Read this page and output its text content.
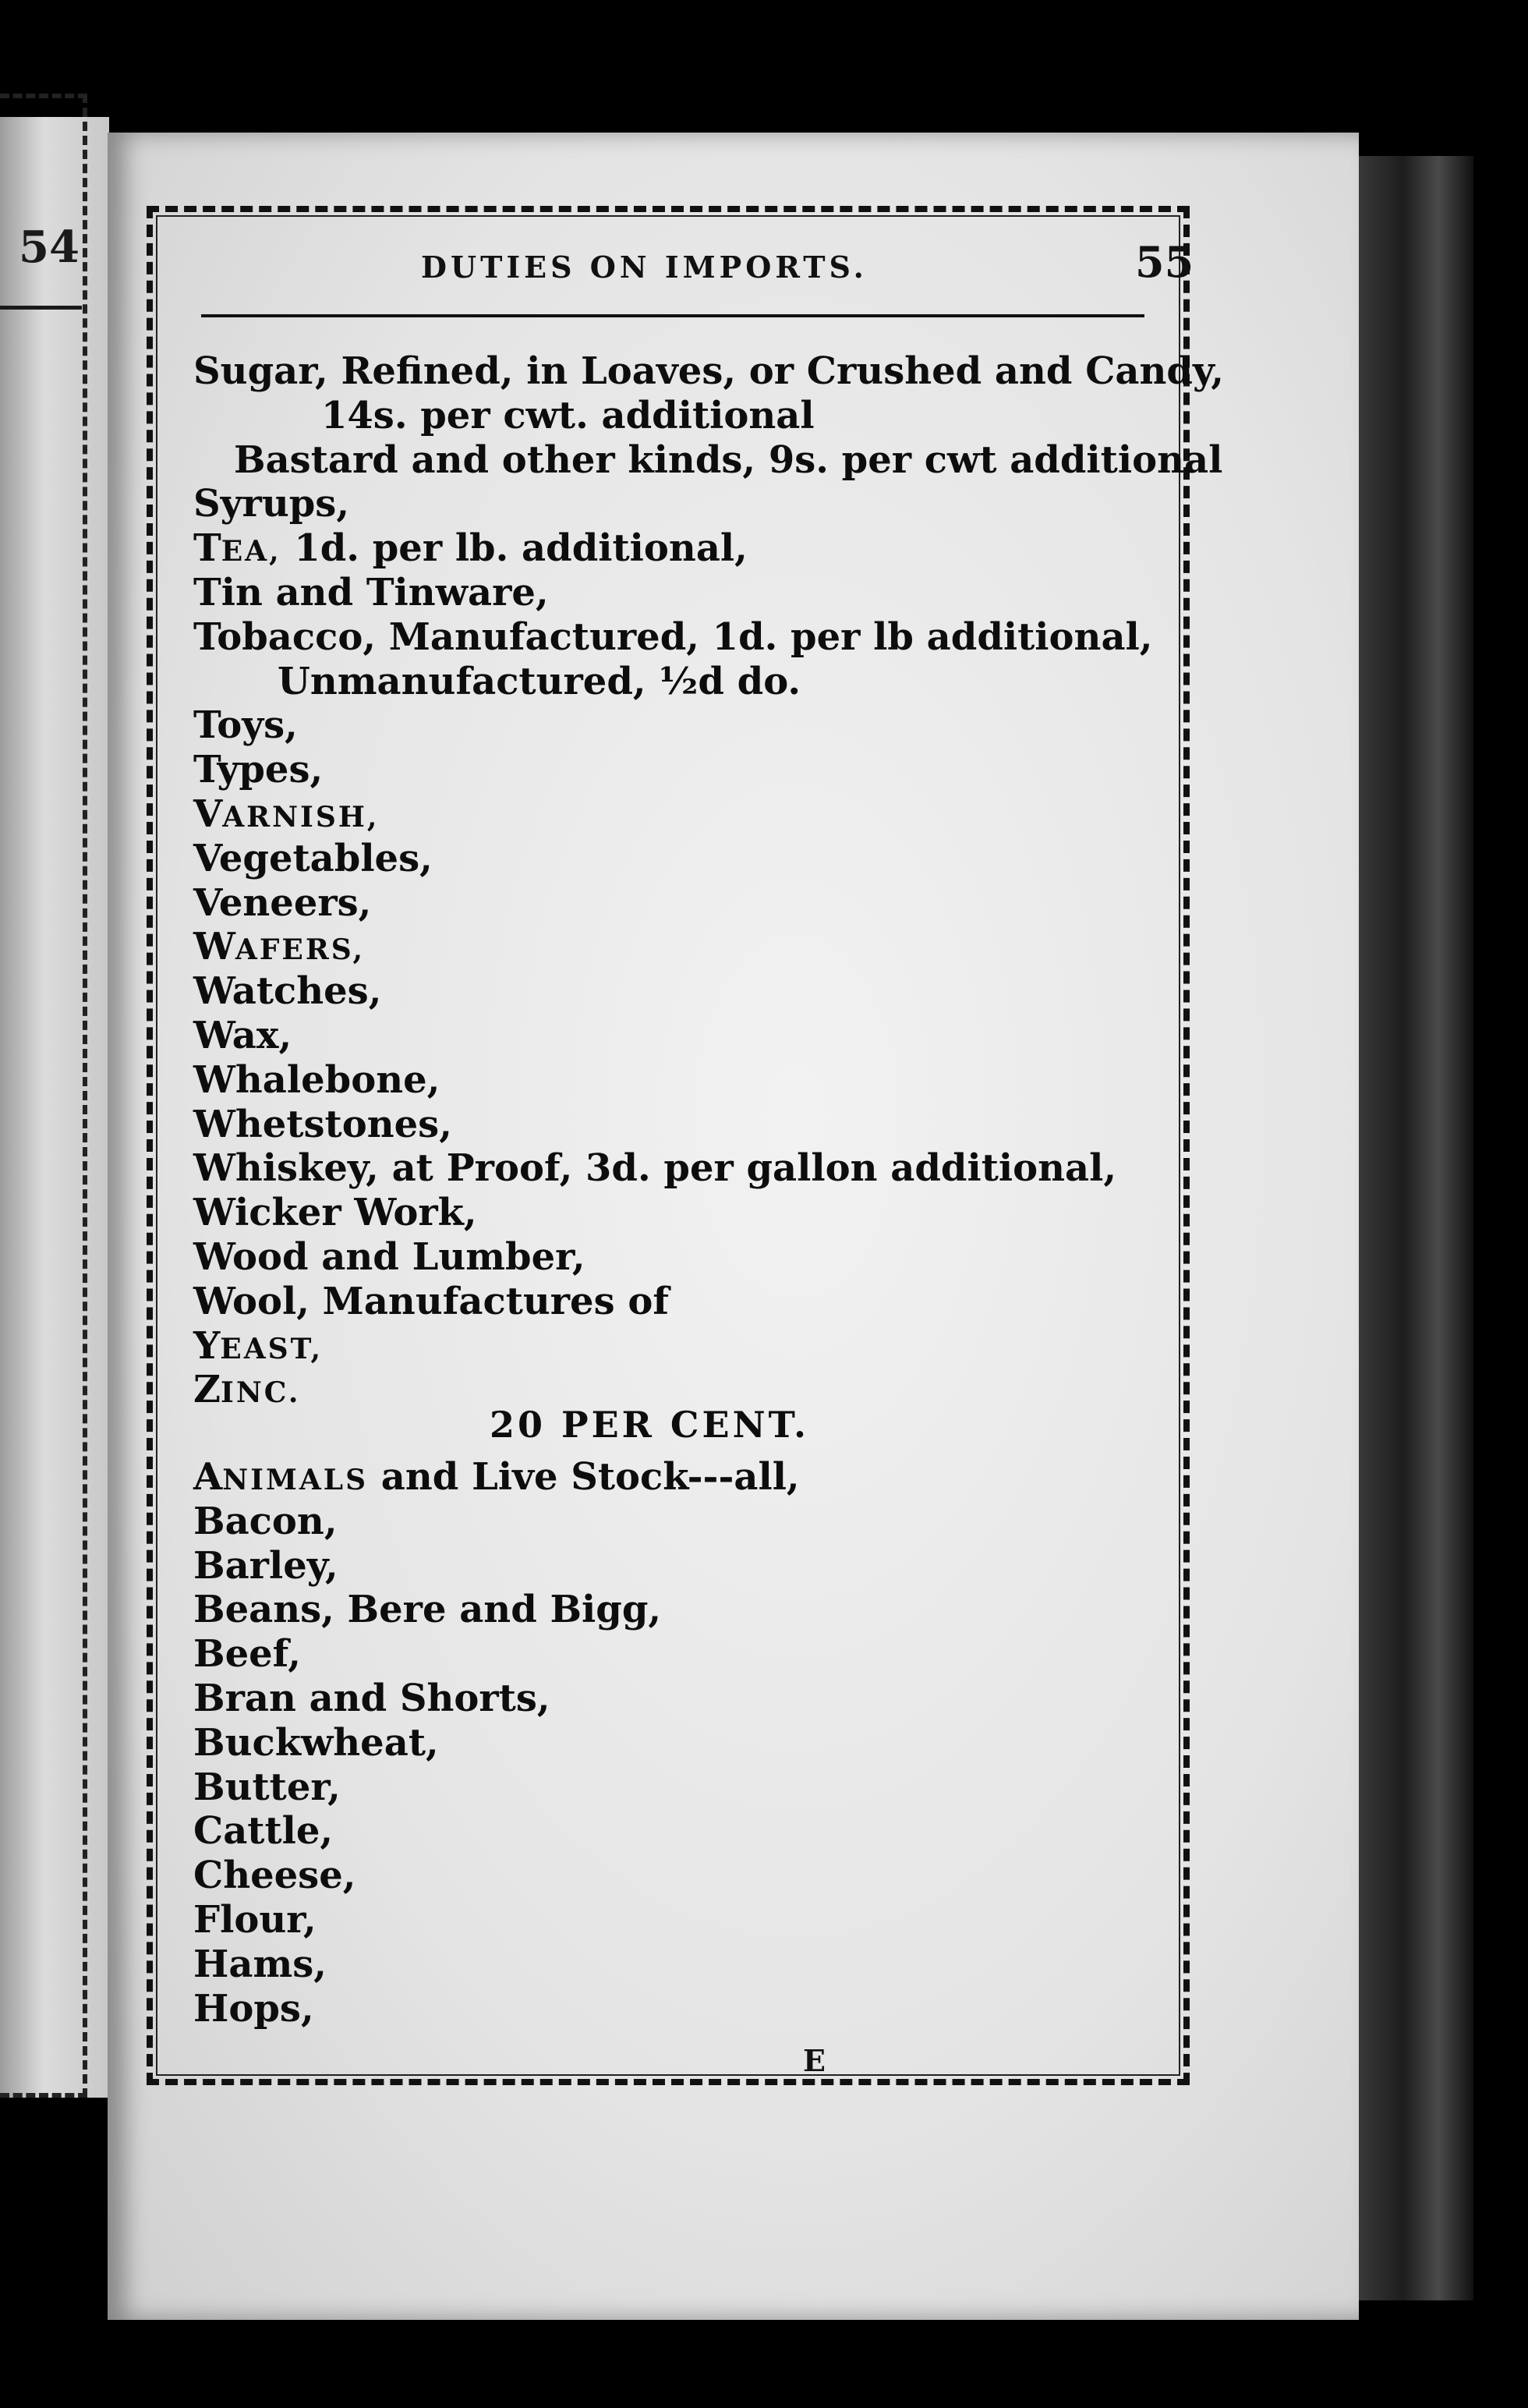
54	DUTIES ON IMPORTS.	55
Sugar, Refined, in Loaves, or Crushed and Candy,
14s. per cwt. additional
Bastard and other kinds, 9s. per cwt additional
Syrups,
TEA, 1d. per lb. additional,
Tin and Tinware,
Tobacco, Manufactured, 1d. per lb additional,
Unmanufactured, ½d do.
Toys,
Types,
VARNISH,
Vegetables,
Veneers,
WAFERS,
Watches,
Wax,
Whalebone,
Whetstones,
Whiskey, at Proof, 3d. per gallon additional,
Wicker Work,
Wood and Lumber,
Wool, Manufactures of
YEAST,
ZINC.
20 PER CENT.
ANIMALS and Live Stock---all,
Bacon,
Barley,
Beans, Bere and Bigg,
Beef,
Bran and Shorts,
Buckwheat,
Butter,
Cattle,
Cheese,
Flour,
Hams,
Hops,
E
